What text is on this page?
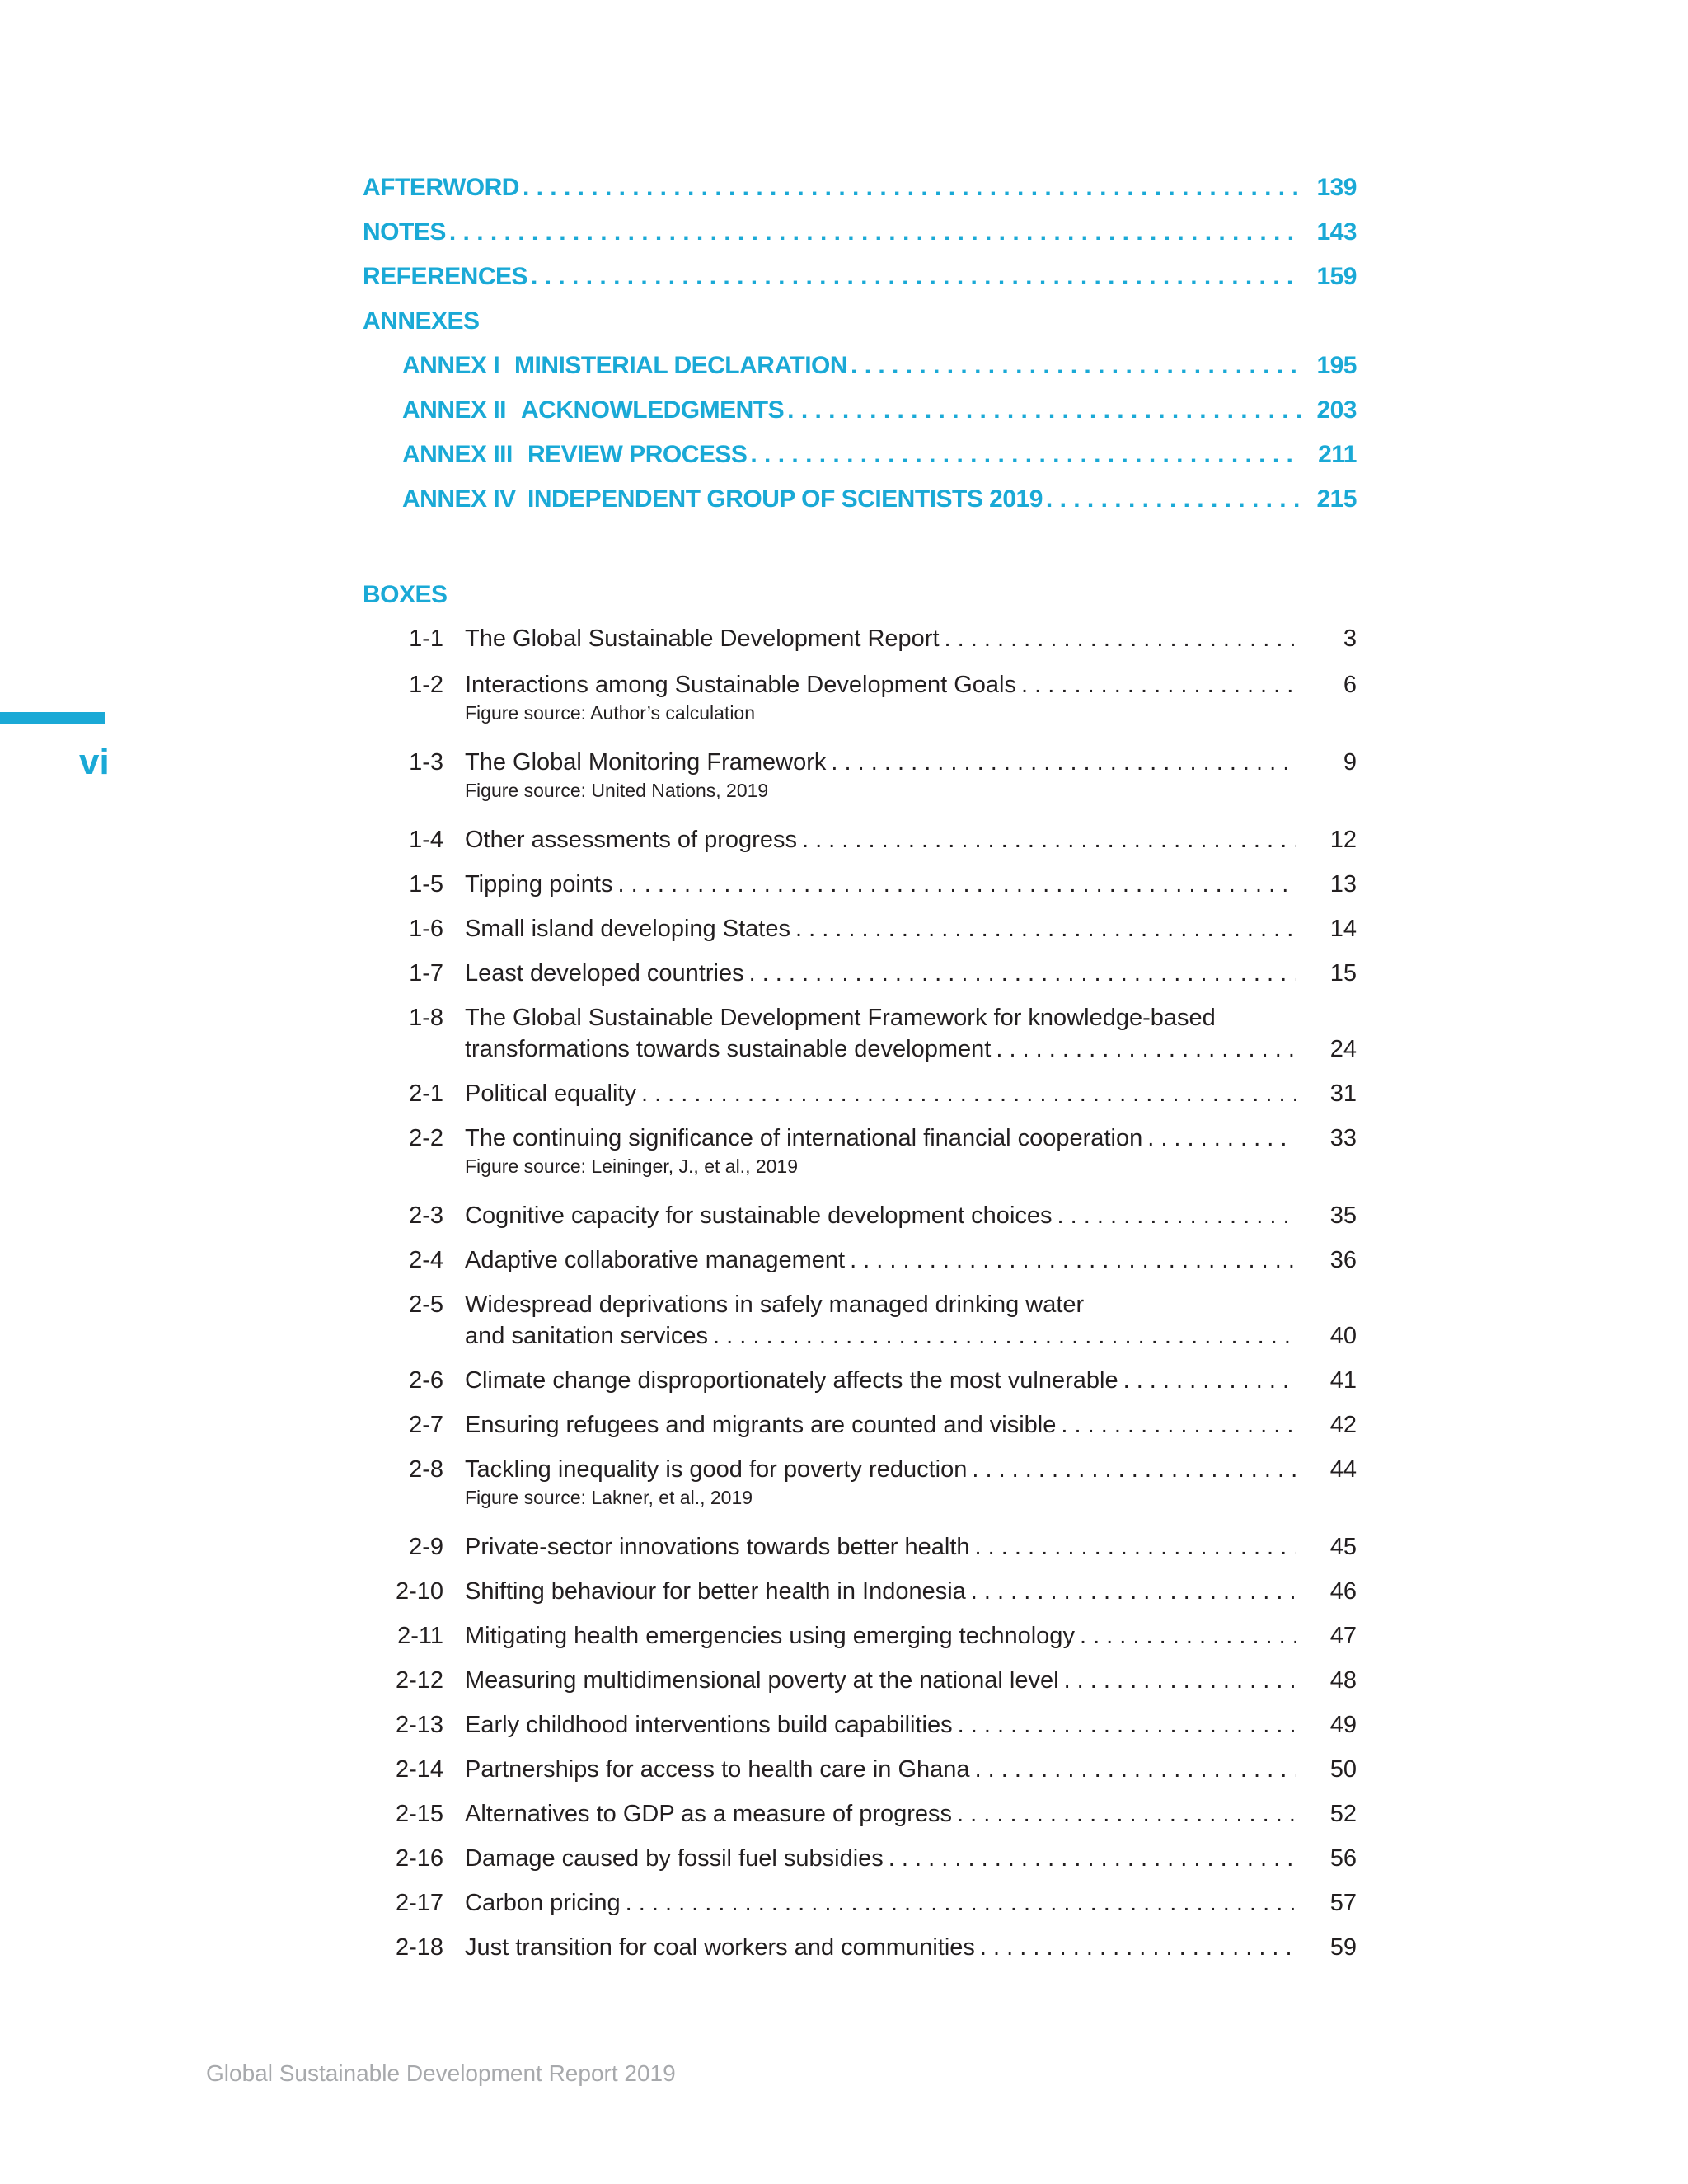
vi
AFTERWORD . . .	139
NOTES . . .	143
REFERENCES . . .	159
ANNEXES
ANNEX I MINISTERIAL DECLARATION . . .	195
ANNEX II ACKNOWLEDGMENTS . . .	203
ANNEX III REVIEW PROCESS . . .	211
ANNEX IV INDEPENDENT GROUP OF SCIENTISTS 2019 . . .	215
BOXES
1-1 The Global Sustainable Development Report . . .	3
1-2 Interactions among Sustainable Development Goals . . .	6
Figure source: Author’s calculation
1-3 The Global Monitoring Framework . . .	9
Figure source: United Nations, 2019
1-4 Other assessments of progress . . .	12
1-5 Tipping points . . .	13
1-6 Small island developing States . . .	14
1-7 Least developed countries . . .	15
1-8 The Global Sustainable Development Framework for knowledge-based
transformations towards sustainable development . . .	24
2-1 Political equality . . .	31
2-2 The continuing significance of international financial cooperation . . .	33
Figure source: Leininger, J., et al., 2019
2-3 Cognitive capacity for sustainable development choices . . .	35
2-4 Adaptive collaborative management . . .	36
2-5 Widespread deprivations in safely managed drinking water
and sanitation services . . .	40
2-6 Climate change disproportionately affects the most vulnerable . . .	41
2-7 Ensuring refugees and migrants are counted and visible . . .	42
2-8 Tackling inequality is good for poverty reduction . . .	44
Figure source: Lakner, et al., 2019
2-9 Private-sector innovations towards better health . . .	45
2-10 Shifting behaviour for better health in Indonesia . . .	46
2-11 Mitigating health emergencies using emerging technology . . .	47
2-12 Measuring multidimensional poverty at the national level . . .	48
2-13 Early childhood interventions build capabilities . . .	49
2-14 Partnerships for access to health care in Ghana . . .	50
2-15 Alternatives to GDP as a measure of progress . . .	52
2-16 Damage caused by fossil fuel subsidies . . .	56
2-17 Carbon pricing . . .	57
2-18 Just transition for coal workers and communities . . .	59
Global Sustainable Development Report 2019
